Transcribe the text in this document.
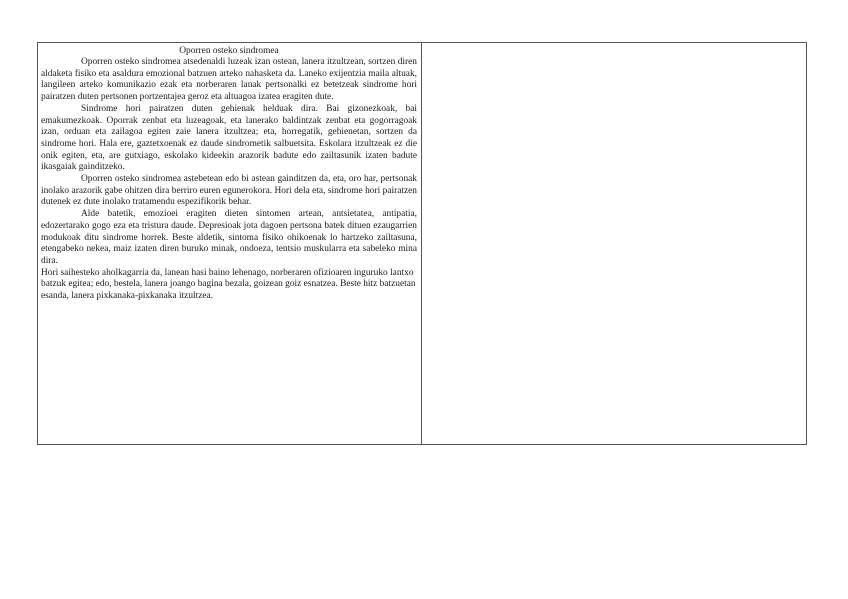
Oporren osteko sindromea

Oporren osteko sindromea atsedenaldi luzeak izan ostean, lanera itzultzean, sortzen diren aldaketa fisiko eta asaldura emozional batzuen arteko nahasketa da. Laneko exijentzia maila altuak, langileen arteko komunikazio ezak eta norberaren lanak pertsonalki ez betetzeak sindrome hori pairatzen duten pertsonen portzentajea geroz eta altuagoa izatea eragiten dute.

Sindrome hori pairatzen duten gehienak helduak dira. Bai gizonezkoak, bai emakumezkoak. Oporrak zenbat eta luzeagoak, eta lanerako baldintzak zenbat eta gogorragoak izan, orduan eta zailagoa egiten zaie lanera itzultzea; eta, horregatik, gehienetan, sortzen da sindrome hori. Hala ere, gaztetxoenak ez daude sindrometik salbuetsita. Eskolara itzultzeak ez die onik egiten, eta, are gutxiago, eskolako kideekin arazorik badute edo zailtasunik izaten badute ikasgaiak gainditzeko.

Oporren osteko sindromea astebetean edo bi astean gainditzen da, eta, oro har, pertsonak inolako arazorik gabe ohitzen dira berriro euren egunerokora. Hori dela eta, sindrome hori pairatzen dutenek ez dute inolako tratamendu espezifikorik behar.

Alde batetik, emozioei eragiten dieten sintomen artean, antsietatea, antipatia, edozertarako gogo eza eta tristura daude. Depresioak jota dagoen pertsona batek dituen ezaugarrien modukoak ditu sindrome horrek. Beste aldetik, sintoma fisiko ohikoenak lo hartzeko zailtasuna, etengabeko nekea, maiz izaten diren buruko minak, ondoeza, tentsio muskularra eta sabeleko mina dira.

Hori saihesteko aholkagarria da, lanean hasi baino lehenago, norberaren ofizioaren inguruko lantxo batzuk egitea; edo, bestela, lanera joango bagina bezala, goizean goiz esnatzea. Beste hitz batzuetan esanda, lanera pixkanaka-pixkanaka itzultzea.
